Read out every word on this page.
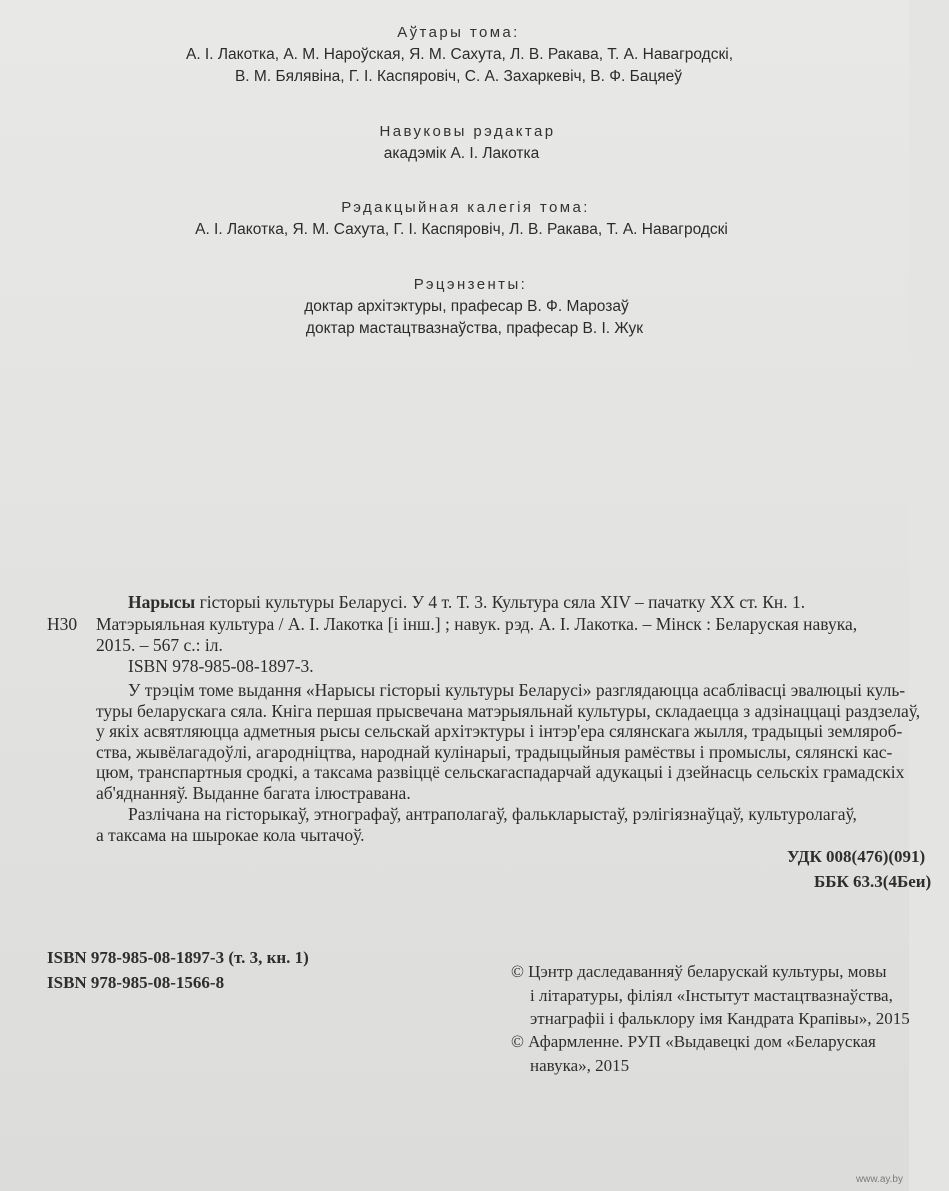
Аўтары тома:
А. І. Лакотка, А. М. Нароўская, Я. М. Сахута, Л. В. Ракава, Т. А. Навагродскі,
В. М. Бялявіна, Г. І. Каспяровіч, С. А. Захаркевіч, В. Ф. Бацяеў
Навуковы рэдактар
акадэмік А. І. Лакотка
Рэдакцыйная калегія тома:
А. І. Лакотка, Я. М. Сахута, Г. І. Каспяровіч, Л. В. Ракава, Т. А. Навагродскі
Рэцэнзенты:
доктар архітэктуры, прафесар В. Ф. Марозаў
доктар мастацтвазнаўства, прафесар В. І. Жук
Нарысы гісторыі культуры Беларусі. У 4 т. Т. 3. Культура сяла XIV – пачатку XX ст. Кн. 1.
Н30 Матэрыяльная культура / А. І. Лакотка [і інш.] ; навук. рэд. А. І. Лакотка. – Мінск : Беларуская навука,
2015. – 567 с.: іл.
ISBN 978-985-08-1897-3.
У трэцім томе выдання «Нарысы гісторыі культуры Беларусі» разглядаюцца асаблівасці эвалюцыі куль-
туры беларускага сяла. Кніга першая прысвечана матэрыяльнай культуры, складаецца з адзінаццаці раздзелаў,
у якіх асвятляюцца адметныя рысы сельскай архітэктуры і інтэр'ера сялянскага жылля, традыцыі земляроб-
ства, жывёлагадоўлі, агародніцтва, народнай кулінарыі, традыцыйныя рамёствы і промыслы, сялянскі кас-
цюм, транспартныя сродкі, а таксама развіццё сельскагаспадарчай адукацыі і дзейнасць сельскіх грамадскіх
аб'яднанняў. Выданне багата ілюстравана.
Разлічана на гісторыкаў, этнографаў, антраполагаў, фалькларыстаў, рэлігіязнаўцаў, культуролагаў,
а таксама на шырокае кола чытачоў.
УДК 008(476)(091)
ББК 63.3(4Беи)
ISBN 978-985-08-1897-3 (т. 3, кн. 1)
ISBN 978-985-08-1566-8
© Цэнтр даследаванняў беларускай культуры, мовы
і літаратуры, філіял «Інстытут мастацтвазнаўства,
этнаграфіі і фальклору імя Кандрата Крапівы», 2015
© Афармленне. РУП «Выдавецкі дом «Беларуская
навука», 2015
www.ay.by
